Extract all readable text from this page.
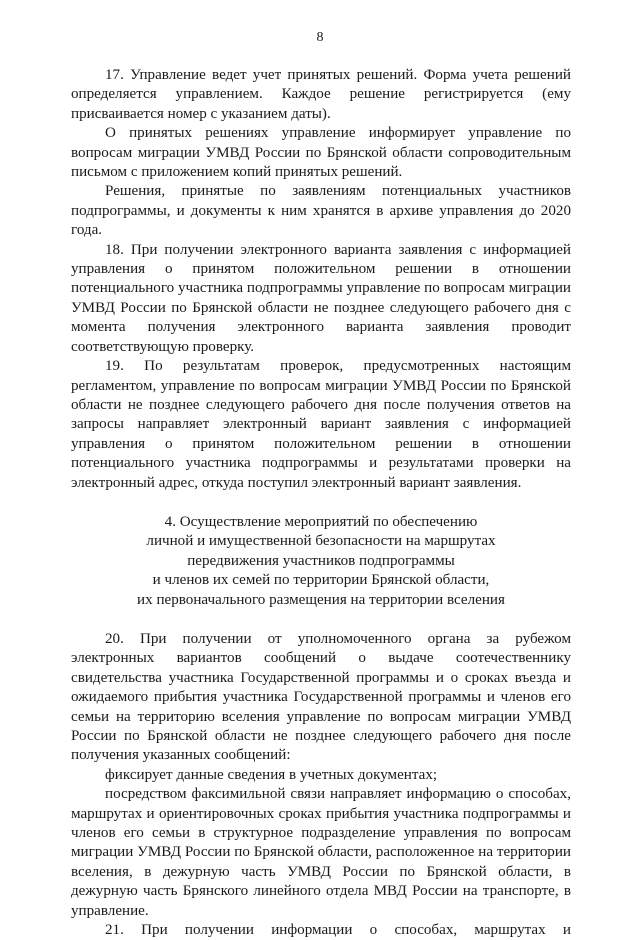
8

17. Управление ведет учет принятых решений. Форма учета решений определяется управлением. Каждое решение регистрируется (ему присваивается номер с указанием даты).

О принятых решениях управление информирует управление по вопросам миграции УМВД России по Брянской области сопроводительным письмом с приложением копий принятых решений.

Решения, принятые по заявлениям потенциальных участников подпрограммы, и документы к ним хранятся в архиве управления до 2020 года.

18. При получении электронного варианта заявления с информацией управления о принятом положительном решении в отношении потенциального участника подпрограммы управление по вопросам миграции УМВД России по Брянской области не позднее следующего рабочего дня с момента получения электронного варианта заявления проводит соответствующую проверку.

19. По результатам проверок, предусмотренных настоящим регламентом, управление по вопросам миграции УМВД России по Брянской области не позднее следующего рабочего дня после получения ответов на запросы направляет электронный вариант заявления с информацией управления о принятом положительном решении в отношении потенциального участника подпрограммы и результатами проверки на электронный адрес, откуда поступил электронный вариант заявления.

4. Осуществление мероприятий по обеспечению

личной и имущественной безопасности на маршрутах

передвижения участников подпрограммы

и членов их семей по территории Брянской области,

их первоначального размещения на территории вселения

20. При получении от уполномоченного органа за рубежом электронных вариантов сообщений о выдаче соотечественнику свидетельства участника Государственной программы и о сроках въезда и ожидаемого прибытия участника Государственной программы и членов его семьи на территорию вселения управление по вопросам миграции УМВД России по Брянской области не позднее следующего рабочего дня после получения указанных сообщений:

фиксирует данные сведения в учетных документах;

посредством факсимильной связи направляет информацию о способах, маршрутах и ориентировочных сроках прибытия участника подпрограммы и членов его семьи в структурное подразделение управления по вопросам миграции УМВД России по Брянской области, расположенное на территории вселения, в дежурную часть УМВД России по Брянской области, в дежурную часть Брянского линейного отдела МВД России на транспорте, в управление.

21. При получении информации о способах, маршрутах и
